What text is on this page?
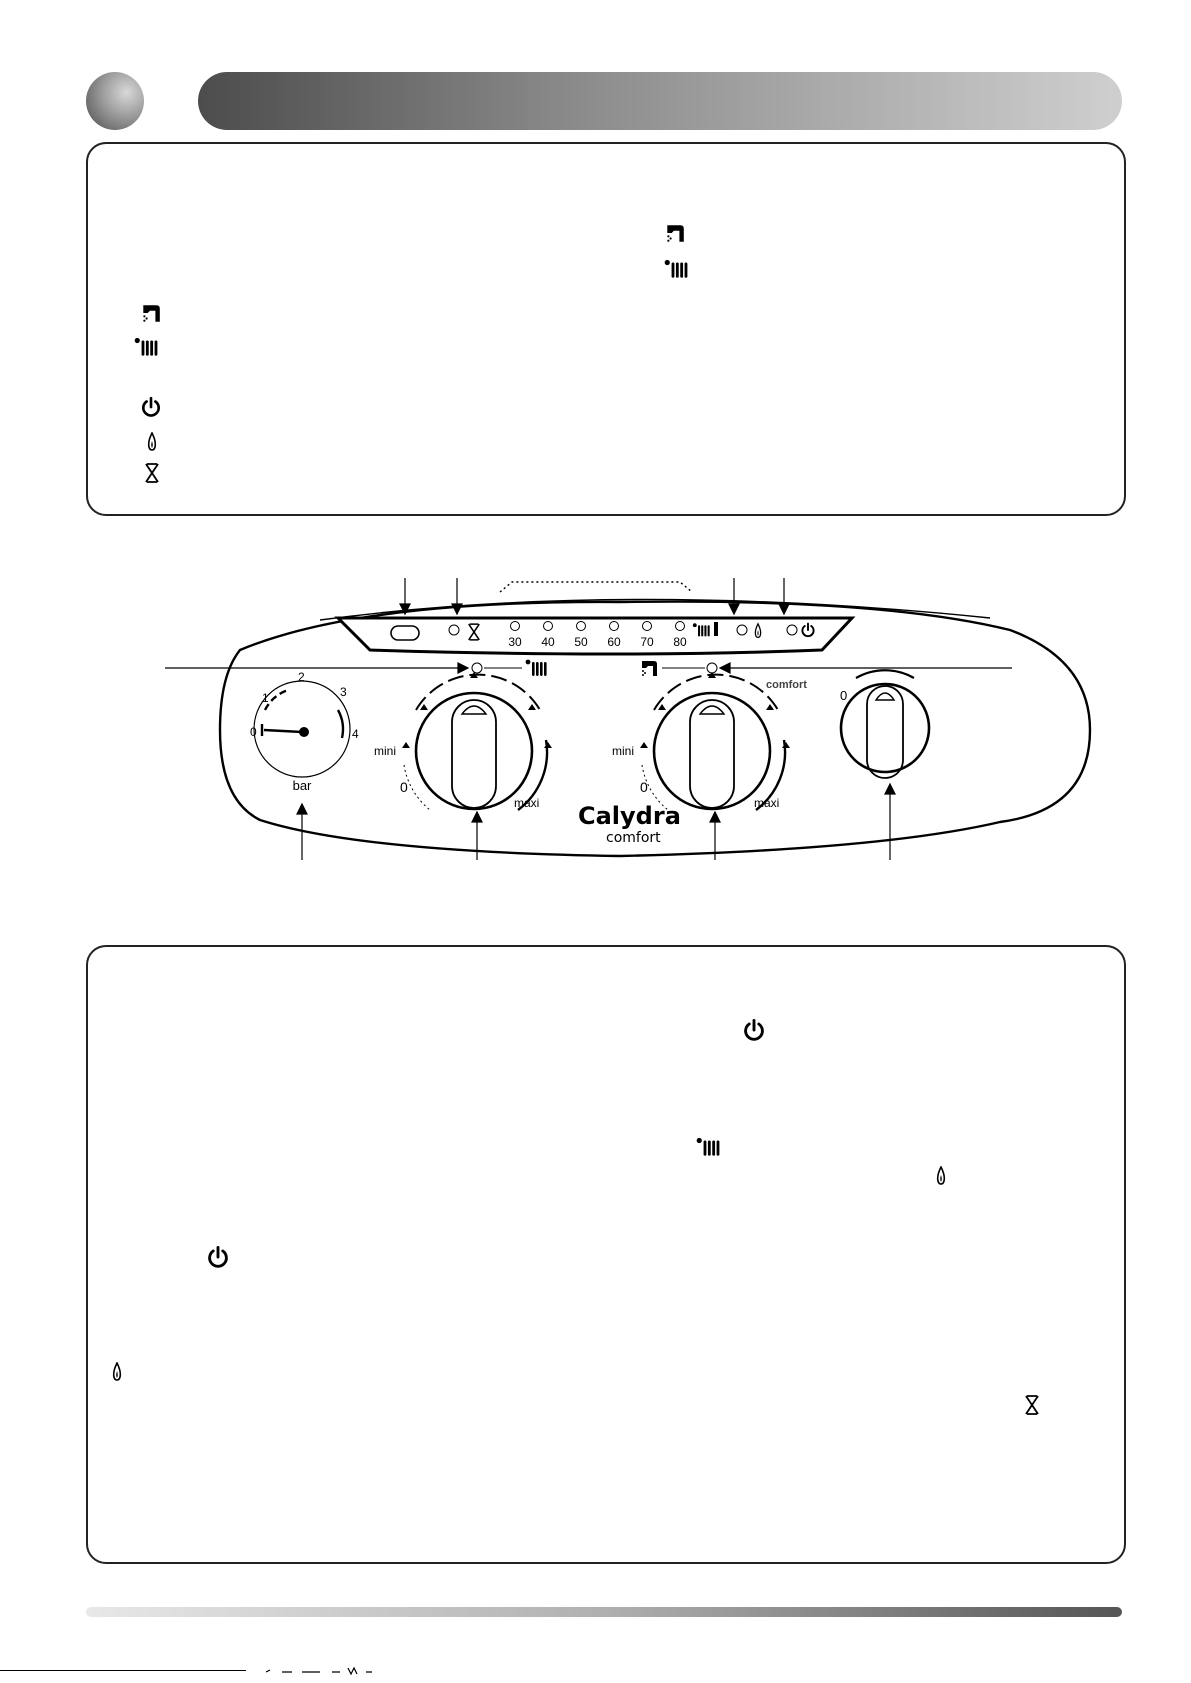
30 40 50 60 70 80
0
1
2
3
4
bar
mini
0
maxi
mini
0
maxi
comfort
0
Calydra
comfort
